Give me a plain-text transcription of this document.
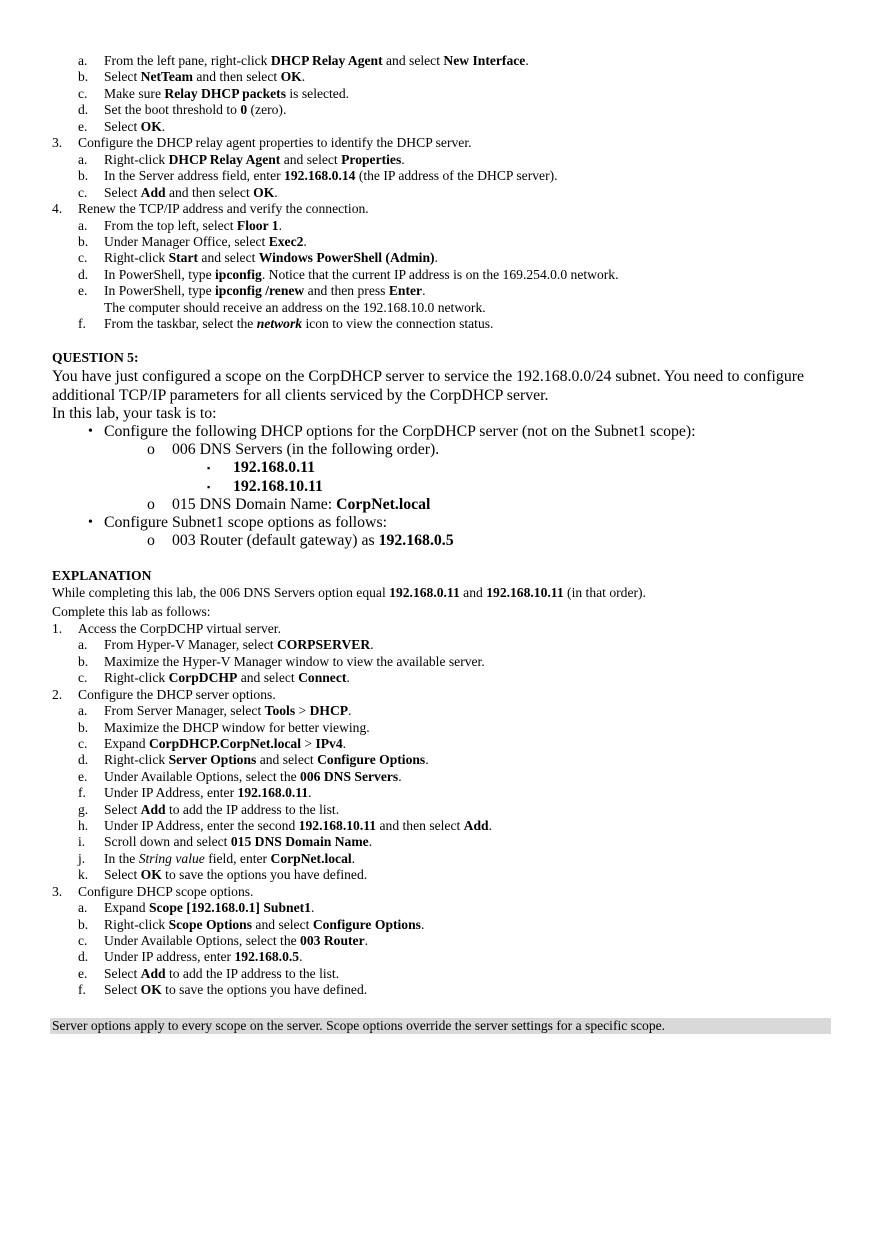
a. From the left pane, right-click DHCP Relay Agent and select New Interface.
b. Select NetTeam and then select OK.
c. Make sure Relay DHCP packets is selected.
d. Set the boot threshold to 0 (zero).
e. Select OK.
3. Configure the DHCP relay agent properties to identify the DHCP server.
a. Right-click DHCP Relay Agent and select Properties.
b. In the Server address field, enter 192.168.0.14 (the IP address of the DHCP server).
c. Select Add and then select OK.
4. Renew the TCP/IP address and verify the connection.
a. From the top left, select Floor 1.
b. Under Manager Office, select Exec2.
c. Right-click Start and select Windows PowerShell (Admin).
d. In PowerShell, type ipconfig. Notice that the current IP address is on the 169.254.0.0 network.
e. In PowerShell, type ipconfig /renew and then press Enter.
The computer should receive an address on the 192.168.10.0 network.
f. From the taskbar, select the network icon to view the connection status.
QUESTION 5:
You have just configured a scope on the CorpDHCP server to service the 192.168.0.0/24 subnet. You need to configure
additional TCP/IP parameters for all clients serviced by the CorpDHCP server.
In this lab, your task is to:
• Configure the following DHCP options for the CorpDHCP server (not on the Subnet1 scope):
o 006 DNS Servers (in the following order).
▪ 192.168.0.11
▪ 192.168.10.11
o 015 DNS Domain Name: CorpNet.local
• Configure Subnet1 scope options as follows:
o 003 Router (default gateway) as 192.168.0.5
EXPLANATION
While completing this lab, the 006 DNS Servers option equal 192.168.0.11 and 192.168.10.11 (in that order).
Complete this lab as follows:
1. Access the CorpDCHP virtual server.
a. From Hyper-V Manager, select CORPSERVER.
b. Maximize the Hyper-V Manager window to view the available server.
c. Right-click CorpDCHP and select Connect.
2. Configure the DHCP server options.
a. From Server Manager, select Tools > DHCP.
b. Maximize the DHCP window for better viewing.
c. Expand CorpDHCP.CorpNet.local > IPv4.
d. Right-click Server Options and select Configure Options.
e. Under Available Options, select the 006 DNS Servers.
f. Under IP Address, enter 192.168.0.11.
g. Select Add to add the IP address to the list.
h. Under IP Address, enter the second 192.168.10.11 and then select Add.
i. Scroll down and select 015 DNS Domain Name.
j. In the String value field, enter CorpNet.local.
k. Select OK to save the options you have defined.
3. Configure DHCP scope options.
a. Expand Scope [192.168.0.1] Subnet1.
b. Right-click Scope Options and select Configure Options.
c. Under Available Options, select the 003 Router.
d. Under IP address, enter 192.168.0.5.
e. Select Add to add the IP address to the list.
f. Select OK to save the options you have defined.
Server options apply to every scope on the server. Scope options override the server settings for a specific scope.
